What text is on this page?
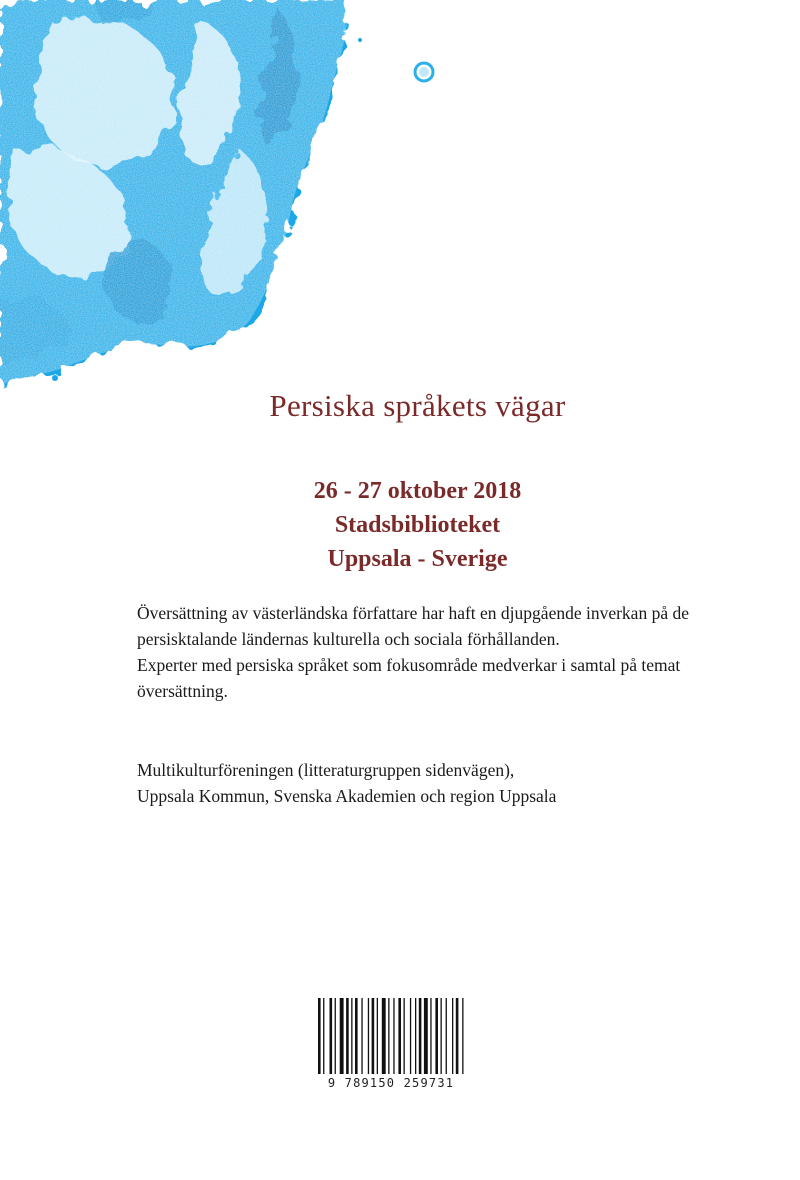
Persiska språkets vägar
26 - 27 oktober 2018
Stadsbiblioteket
Uppsala - Sverige

Översättning av västerländska författare har haft en djupgående inverkan på de persisktalande ländernas kulturella och sociala förhållanden.

Experter med persiska språket som fokusområde medverkar i samtal på temat översättning.

Multikulturföreningen (litteraturgruppen sidenvägen),

Uppsala Kommun, Svenska Akademien och region Uppsala

9 789150 259731
